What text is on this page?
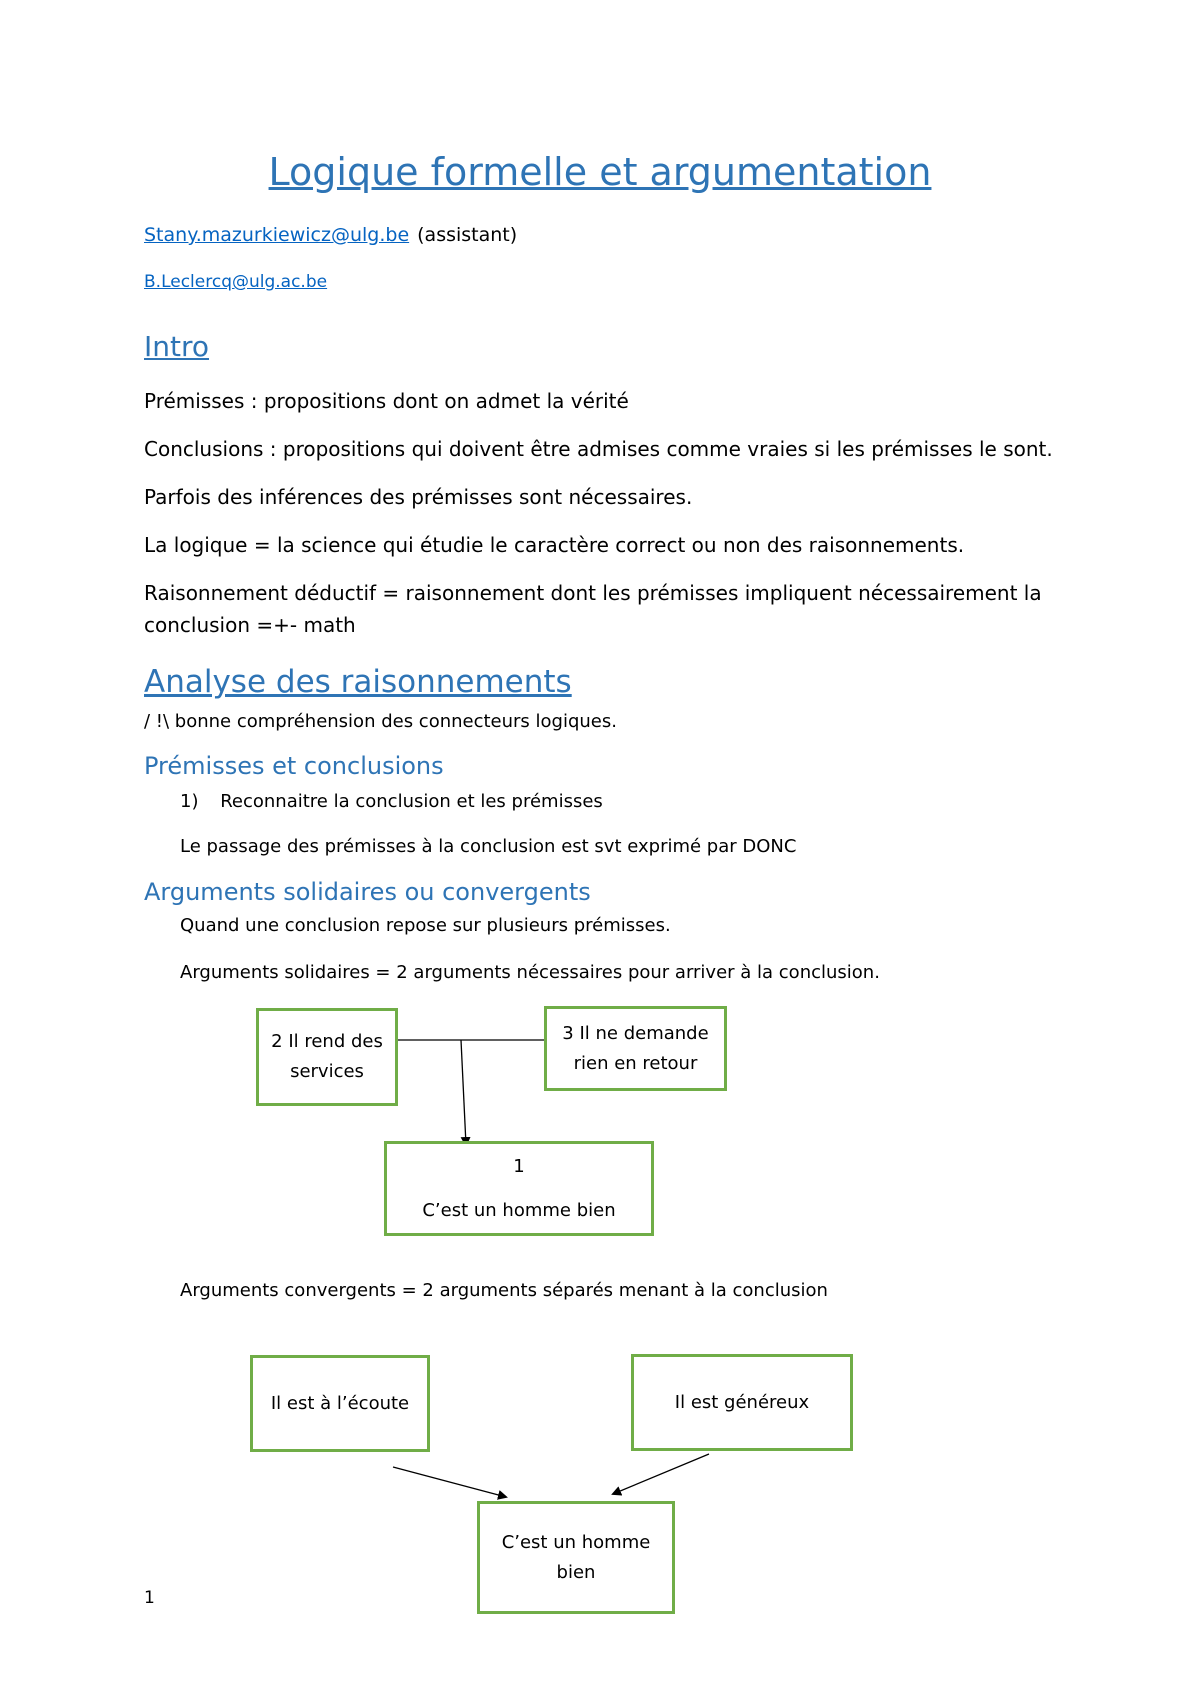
Logique formelle et argumentation
Stany.mazurkiewicz@ulg.be (assistant)
B.Leclercq@ulg.ac.be
Intro
Prémisses : propositions dont on admet la vérité
Conclusions : propositions qui doivent être admises comme vraies si les prémisses le sont.
Parfois des inférences des prémisses sont nécessaires.
La logique = la science qui étudie le caractère correct ou non des raisonnements.
Raisonnement déductif = raisonnement dont les prémisses impliquent nécessairement la
conclusion =+- math
Analyse des raisonnements
/ !\ bonne compréhension des connecteurs logiques.
Prémisses et conclusions
1) Reconnaitre la conclusion et les prémisses
Le passage des prémisses à la conclusion est svt exprimé par DONC
Arguments solidaires ou convergents
Quand une conclusion repose sur plusieurs prémisses.
Arguments solidaires = 2 arguments nécessaires pour arriver à la conclusion.
2 Il rend des
services
3 Il ne demande
rien en retour
1
C’est un homme bien
Arguments convergents = 2 arguments séparés menant à la conclusion
Il est à l’écoute	Il est généreux
C’est un homme
bien
1
